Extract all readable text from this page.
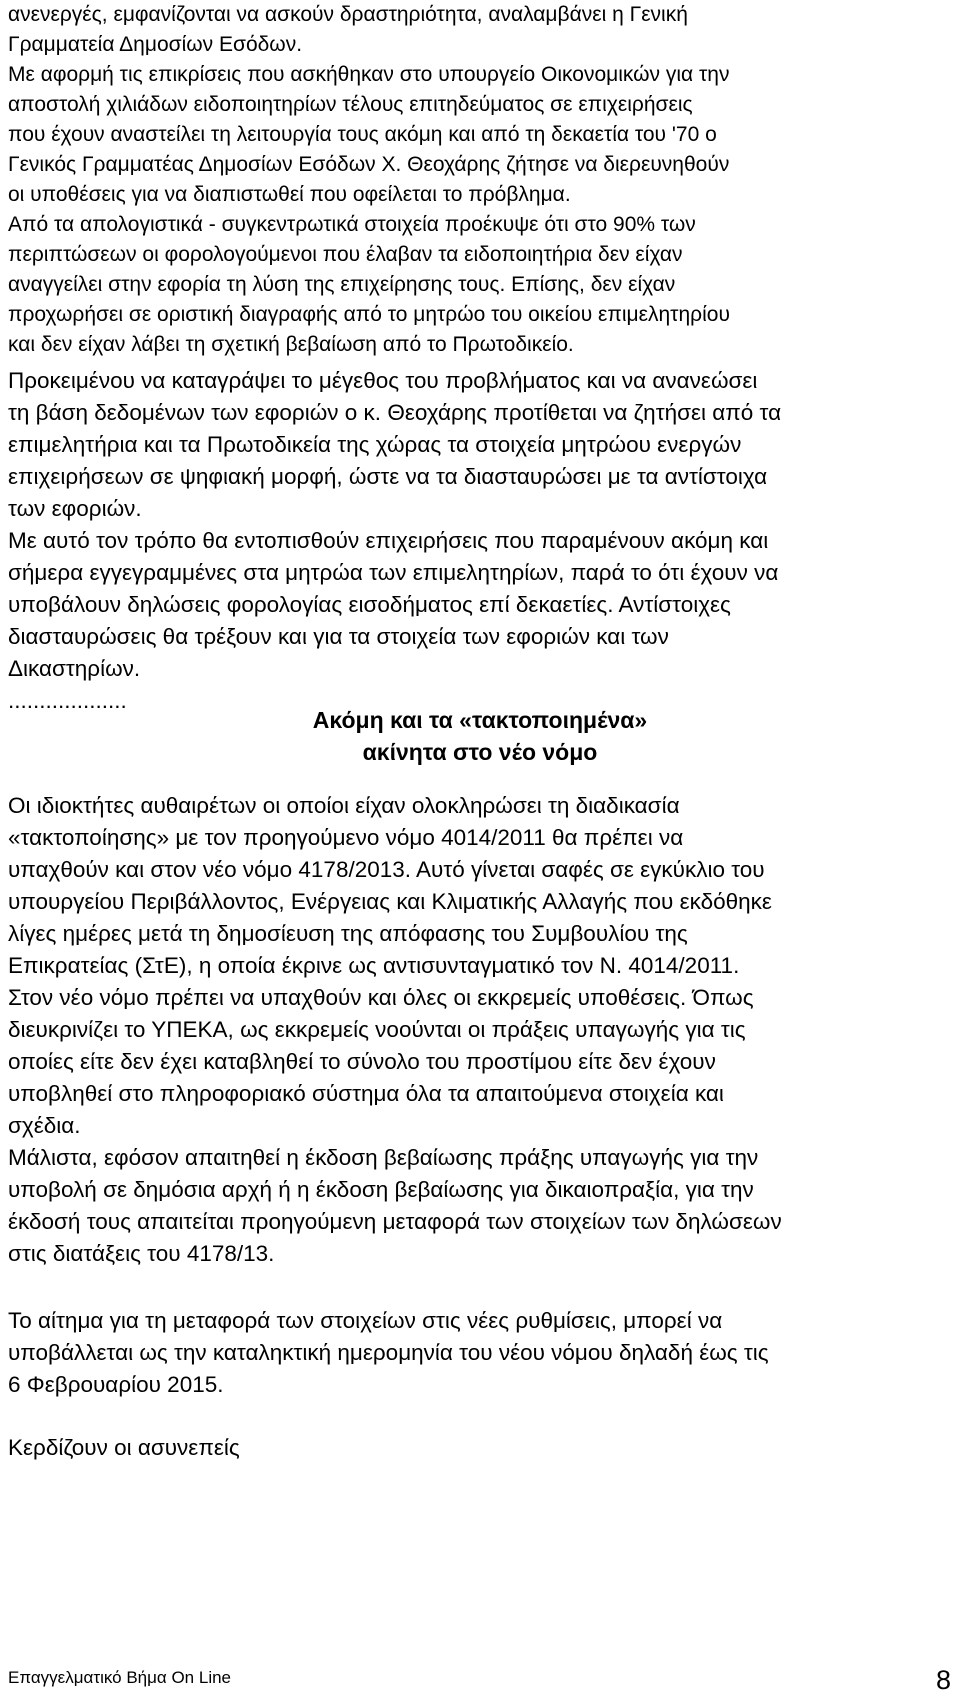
ανενεργές, εμφανίζονται να ασκούν δραστηριότητα, αναλαμβάνει η Γενική
Γραμματεία Δημοσίων Εσόδων.
Με αφορμή τις επικρίσεις που ασκήθηκαν στο υπουργείο Οικονομικών για την
αποστολή χιλιάδων ειδοποιητηρίων τέλους επιτηδεύματος σε επιχειρήσεις
που έχουν αναστείλει τη λειτουργία τους ακόμη και από τη δεκαετία του '70 ο
Γενικός Γραμματέας Δημοσίων Εσόδων Χ. Θεοχάρης ζήτησε να διερευνηθούν
οι υποθέσεις για να διαπιστωθεί που οφείλεται το πρόβλημα.
Από τα απολογιστικά - συγκεντρωτικά στοιχεία προέκυψε ότι στο 90% των
περιπτώσεων οι φορολογούμενοι που έλαβαν τα ειδοποιητήρια δεν είχαν
αναγγείλει στην εφορία τη λύση της επιχείρησης τους. Επίσης, δεν είχαν
προχωρήσει σε οριστική διαγραφής από το μητρώο του οικείου επιμελητηρίου
και δεν είχαν λάβει τη σχετική βεβαίωση από το Πρωτοδικείο.
Προκειμένου να καταγράψει το μέγεθος του προβλήματος και να ανανεώσει
τη βάση δεδομένων των εφοριών ο κ. Θεοχάρης προτίθεται να ζητήσει από τα
επιμελητήρια και τα Πρωτοδικεία της χώρας τα στοιχεία μητρώου ενεργών
επιχειρήσεων σε ψηφιακή μορφή, ώστε να τα διασταυρώσει με τα αντίστοιχα
των εφοριών.
Με αυτό τον τρόπο θα εντοπισθούν επιχειρήσεις που παραμένουν ακόμη και
σήμερα εγγεγραμμένες στα μητρώα των επιμελητηρίων, παρά το ότι έχουν να
υποβάλουν δηλώσεις φορολογίας εισοδήματος επί δεκαετίες. Αντίστοιχες
διασταυρώσεις θα τρέξουν και για τα στοιχεία των εφοριών και των
Δικαστηρίων.
...................
Ακόμη και τα «τακτοποιημένα»
ακίνητα στο νέο νόμο
Οι ιδιοκτήτες αυθαιρέτων οι οποίοι είχαν ολοκληρώσει τη διαδικασία
«τακτοποίησης» με τον προηγούμενο νόμο 4014/2011 θα πρέπει να
υπαχθούν και στον νέο νόμο 4178/2013. Αυτό γίνεται σαφές σε εγκύκλιο του
υπουργείου Περιβάλλοντος, Ενέργειας και Κλιματικής Αλλαγής που εκδόθηκε
λίγες ημέρες μετά τη δημοσίευση της απόφασης του Συμβουλίου της
Επικρατείας (ΣτΕ), η οποία έκρινε ως αντισυνταγματικό τον Ν. 4014/2011.
Στον νέο νόμο πρέπει να υπαχθούν και όλες οι εκκρεμείς υποθέσεις. Όπως
διευκρινίζει το ΥΠΕΚΑ, ως εκκρεμείς νοούνται οι πράξεις υπαγωγής για τις
οποίες είτε δεν έχει καταβληθεί το σύνολο του προστίμου είτε δεν έχουν
υποβληθεί στο πληροφοριακό σύστημα όλα τα απαιτούμενα στοιχεία και
σχέδια.
Μάλιστα, εφόσον απαιτηθεί η έκδοση βεβαίωσης πράξης υπαγωγής για την
υποβολή σε δημόσια αρχή ή η έκδοση βεβαίωσης για δικαιοπραξία, για την
έκδοσή τους απαιτείται προηγούμενη μεταφορά των στοιχείων των δηλώσεων
στις διατάξεις του 4178/13.
Το αίτημα για τη μεταφορά των στοιχείων στις νέες ρυθμίσεις, μπορεί να
υποβάλλεται ως την καταληκτική ημερομηνία του νέου νόμου δηλαδή έως τις
6 Φεβρουαρίου 2015.
Κερδίζουν οι ασυνεπείς
Επαγγελματικό Βήμα On Line	8
